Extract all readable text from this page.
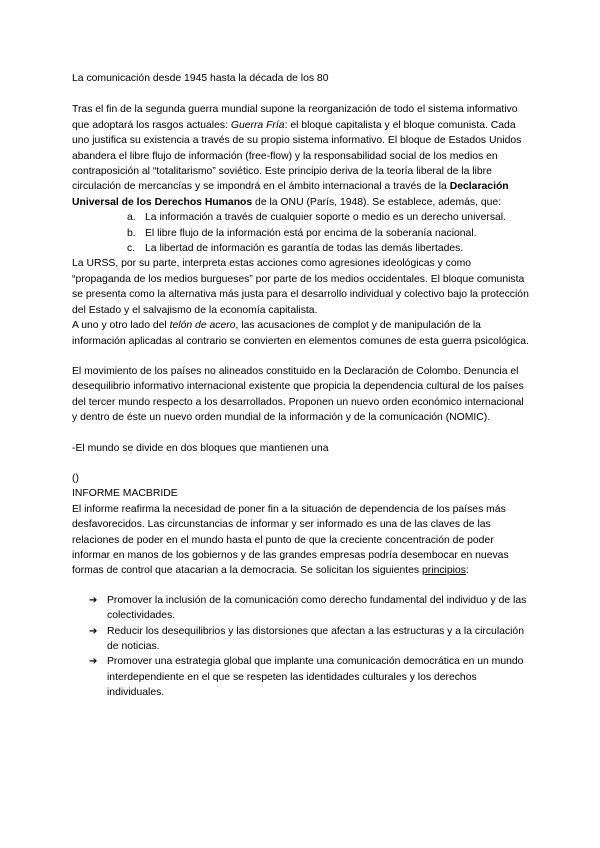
La comunicación desde 1945 hasta la década de los 80

Tras el fin de la segunda guerra mundial supone la reorganización de todo el sistema informativo que adoptará los rasgos actuales: Guerra Fría: el bloque capitalista y el bloque comunista. Cada uno justifica su existencia a través de su propio sistema informativo. El bloque de Estados Unidos abandera el libre flujo de información (free-flow) y la responsabilidad social de los medios en contraposición al “totalitarismo” soviético. Este principio deriva de la teoría liberal de la libre circulación de mercancías y se impondrá en el ámbito internacional a través de la Declaración Universal de los Derechos Humanos de la ONU (París, 1948). Se establece, además, que:

a. La información a través de cualquier soporte o medio es un derecho universal.
b. El libre flujo de la información está por encima de la soberanía nacional.
c. La libertad de información es garantía de todas las demás libertades.

La URSS, por su parte, interpreta estas acciones como agresiones ideológicas y como “propaganda de los medios burgueses” por parte de los medios occidentales. El bloque comunista se presenta como la alternativa más justa para el desarrollo individual y colectivo bajo la protección del Estado y el salvajismo de la economía capitalista.

A uno y otro lado del telón de acero, las acusaciones de complot y de manipulación de la información aplicadas al contrario se convierten en elementos comunes de esta guerra psicológica.

El movimiento de los países no alineados constituido en la Declaración de Colombo. Denuncia el desequilibrio informativo internacional existente que propicia la dependencia cultural de los países del tercer mundo respecto a los desarrollados. Proponen un nuevo orden económico internacional y dentro de éste un nuevo orden mundial de la información y de la comunicación (NOMIC).

-El mundo se divide en dos bloques que mantienen una

()

INFORME MACBRIDE

El informe reafirma la necesidad de poner fin a la situación de dependencia de los países más desfavorecidos. Las circunstancias de informar y ser informado es una de las claves de las relaciones de poder en el mundo hasta el punto de que la creciente concentración de poder informar en manos de los gobiernos y de las grandes empresas podría desembocar en nuevas formas de control que atacarian a la democracia. Se solicitan los siguientes principios:

➔ Promover la inclusión de la comunicación como derecho fundamental del individuo y de las colectividades.
➔ Reducir los desequilibrios y las distorsiones que afectan a las estructuras y a la circulación de noticias.
➔ Promover una estrategia global que implante una comunicación democrática en un mundo interdependiente en el que se respeten las identidades culturales y los derechos individuales.
